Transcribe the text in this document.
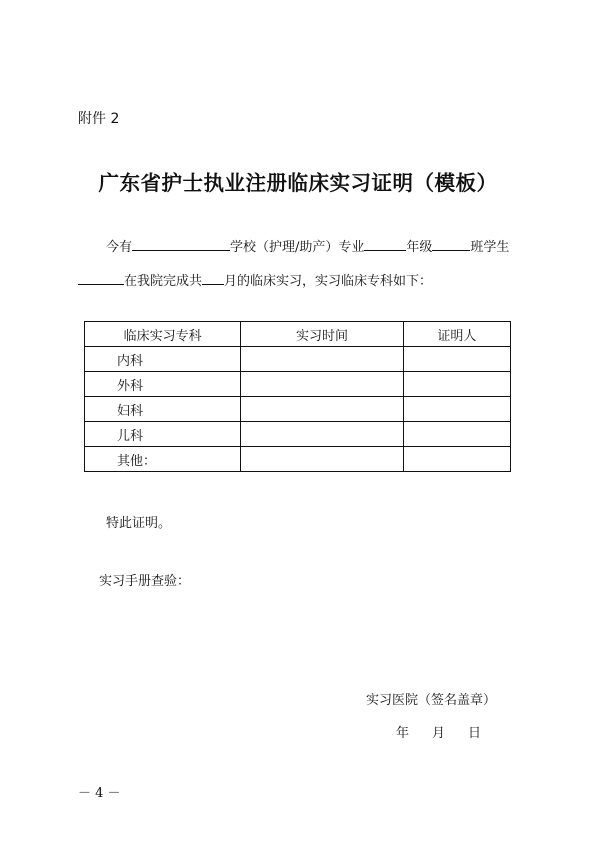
附件 2
广东省护士执业注册临床实习证明（模板）
今有	学校（护理/助产）专业	年级	班学生
在我院完成共 月的临床实习，实习临床专科如下：
临床实习专科	实习时间	证明人
内科		
外科		
妇科		
儿科		
其他：		
特此证明。
实习手册查验：
实习医院（签名盖章）
年 月 日
－ 4 －
